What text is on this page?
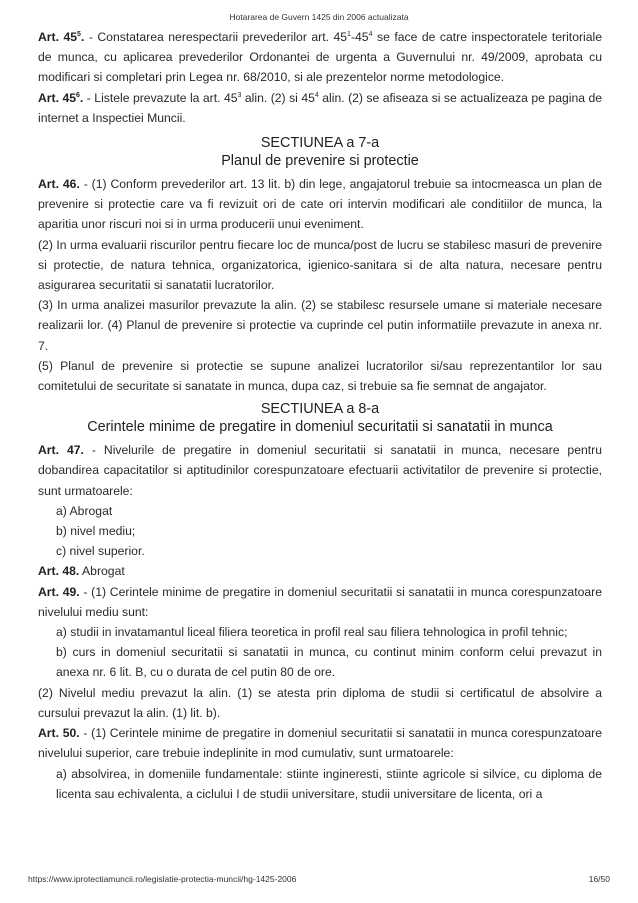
Hotararea de Guvern 1425 din 2006 actualizata

Art. $45^5$. - Constatarea nerespectarii prevederilor art. $45^1-45^4$ se face de catre inspectoratele teritoriale de munca, cu aplicarea prevederilor Ordonantei de urgenta a Guvernului nr. 49/2009, aprobata cu modificari si completari prin Legea nr. 68/2010, si ale prezentelor norme metodologice.

Art. $45^6$. - Listele prevazute la art. $45^3$ alin. (2) si $45^4$ alin. (2) se afiseaza si se actualizeaza pe pagina de internet a Inspectiei Muncii.

SECTIUNEA a 7-a
Planul de prevenire si protectie

Art. 46. - (1) Conform prevederilor art. 13 lit. b) din lege, angajatorul trebuie sa intocmeasca un plan de prevenire si protectie care va fi revizuit ori de cate ori intervin modificari ale conditiilor de munca, la aparitia unor riscuri noi si in urma producerii unui eveniment.

(2) In urma evaluarii riscurilor pentru fiecare loc de munca/post de lucru se stabilesc masuri de prevenire si protectie, de natura tehnica, organizatorica, igienico-sanitara si de alta natura, necesare pentru asigurarea securitatii si sanatatii lucratorilor.

(3) In urma analizei masurilor prevazute la alin. (2) se stabilesc resursele umane si materiale necesare realizarii lor. (4) Planul de prevenire si protectie va cuprinde cel putin informatiile prevazute in anexa nr. 7.

(5) Planul de prevenire si protectie se supune analizei lucratorilor si/sau reprezentantilor lor sau comitetului de securitate si sanatate in munca, dupa caz, si trebuie sa fie semnat de angajator.

SECTIUNEA a 8-a
Cerintele minime de pregatire in domeniul securitatii si sanatatii in munca

Art. 47. - Nivelurile de pregatire in domeniul securitatii si sanatatii in munca, necesare pentru dobandirea capacitatilor si aptitudinilor corespunzatoare efectuarii activitatilor de prevenire si protectie, sunt urmatoarele:

a) Abrogat

b) nivel mediu;

c) nivel superior.

Art. 48. Abrogat

Art. 49. - (1) Cerintele minime de pregatire in domeniul securitatii si sanatatii in munca corespunzatoare nivelului mediu sunt:

a) studii in invatamantul liceal filiera teoretica in profil real sau filiera tehnologica in profil tehnic;

b) curs in domeniul securitatii si sanatatii in munca, cu continut minim conform celui prevazut in anexa nr. 6 lit. B, cu o durata de cel putin 80 de ore.

(2) Nivelul mediu prevazut la alin. (1) se atesta prin diploma de studii si certificatul de absolvire a cursului prevazut la alin. (1) lit. b).

Art. 50. - (1) Cerintele minime de pregatire in domeniul securitatii si sanatatii in munca corespunzatoare nivelului superior, care trebuie indeplinite in mod cumulativ, sunt urmatoarele:

a) absolvirea, in domeniile fundamentale: stiinte ingineresti, stiinte agricole si silvice, cu diploma de licenta sau echivalenta, a ciclului I de studii universitare, studii universitare de licenta, ori a

https://www.iprotectiamuncii.ro/legislatie-protectia-muncii/hg-1425-2006	16/50
